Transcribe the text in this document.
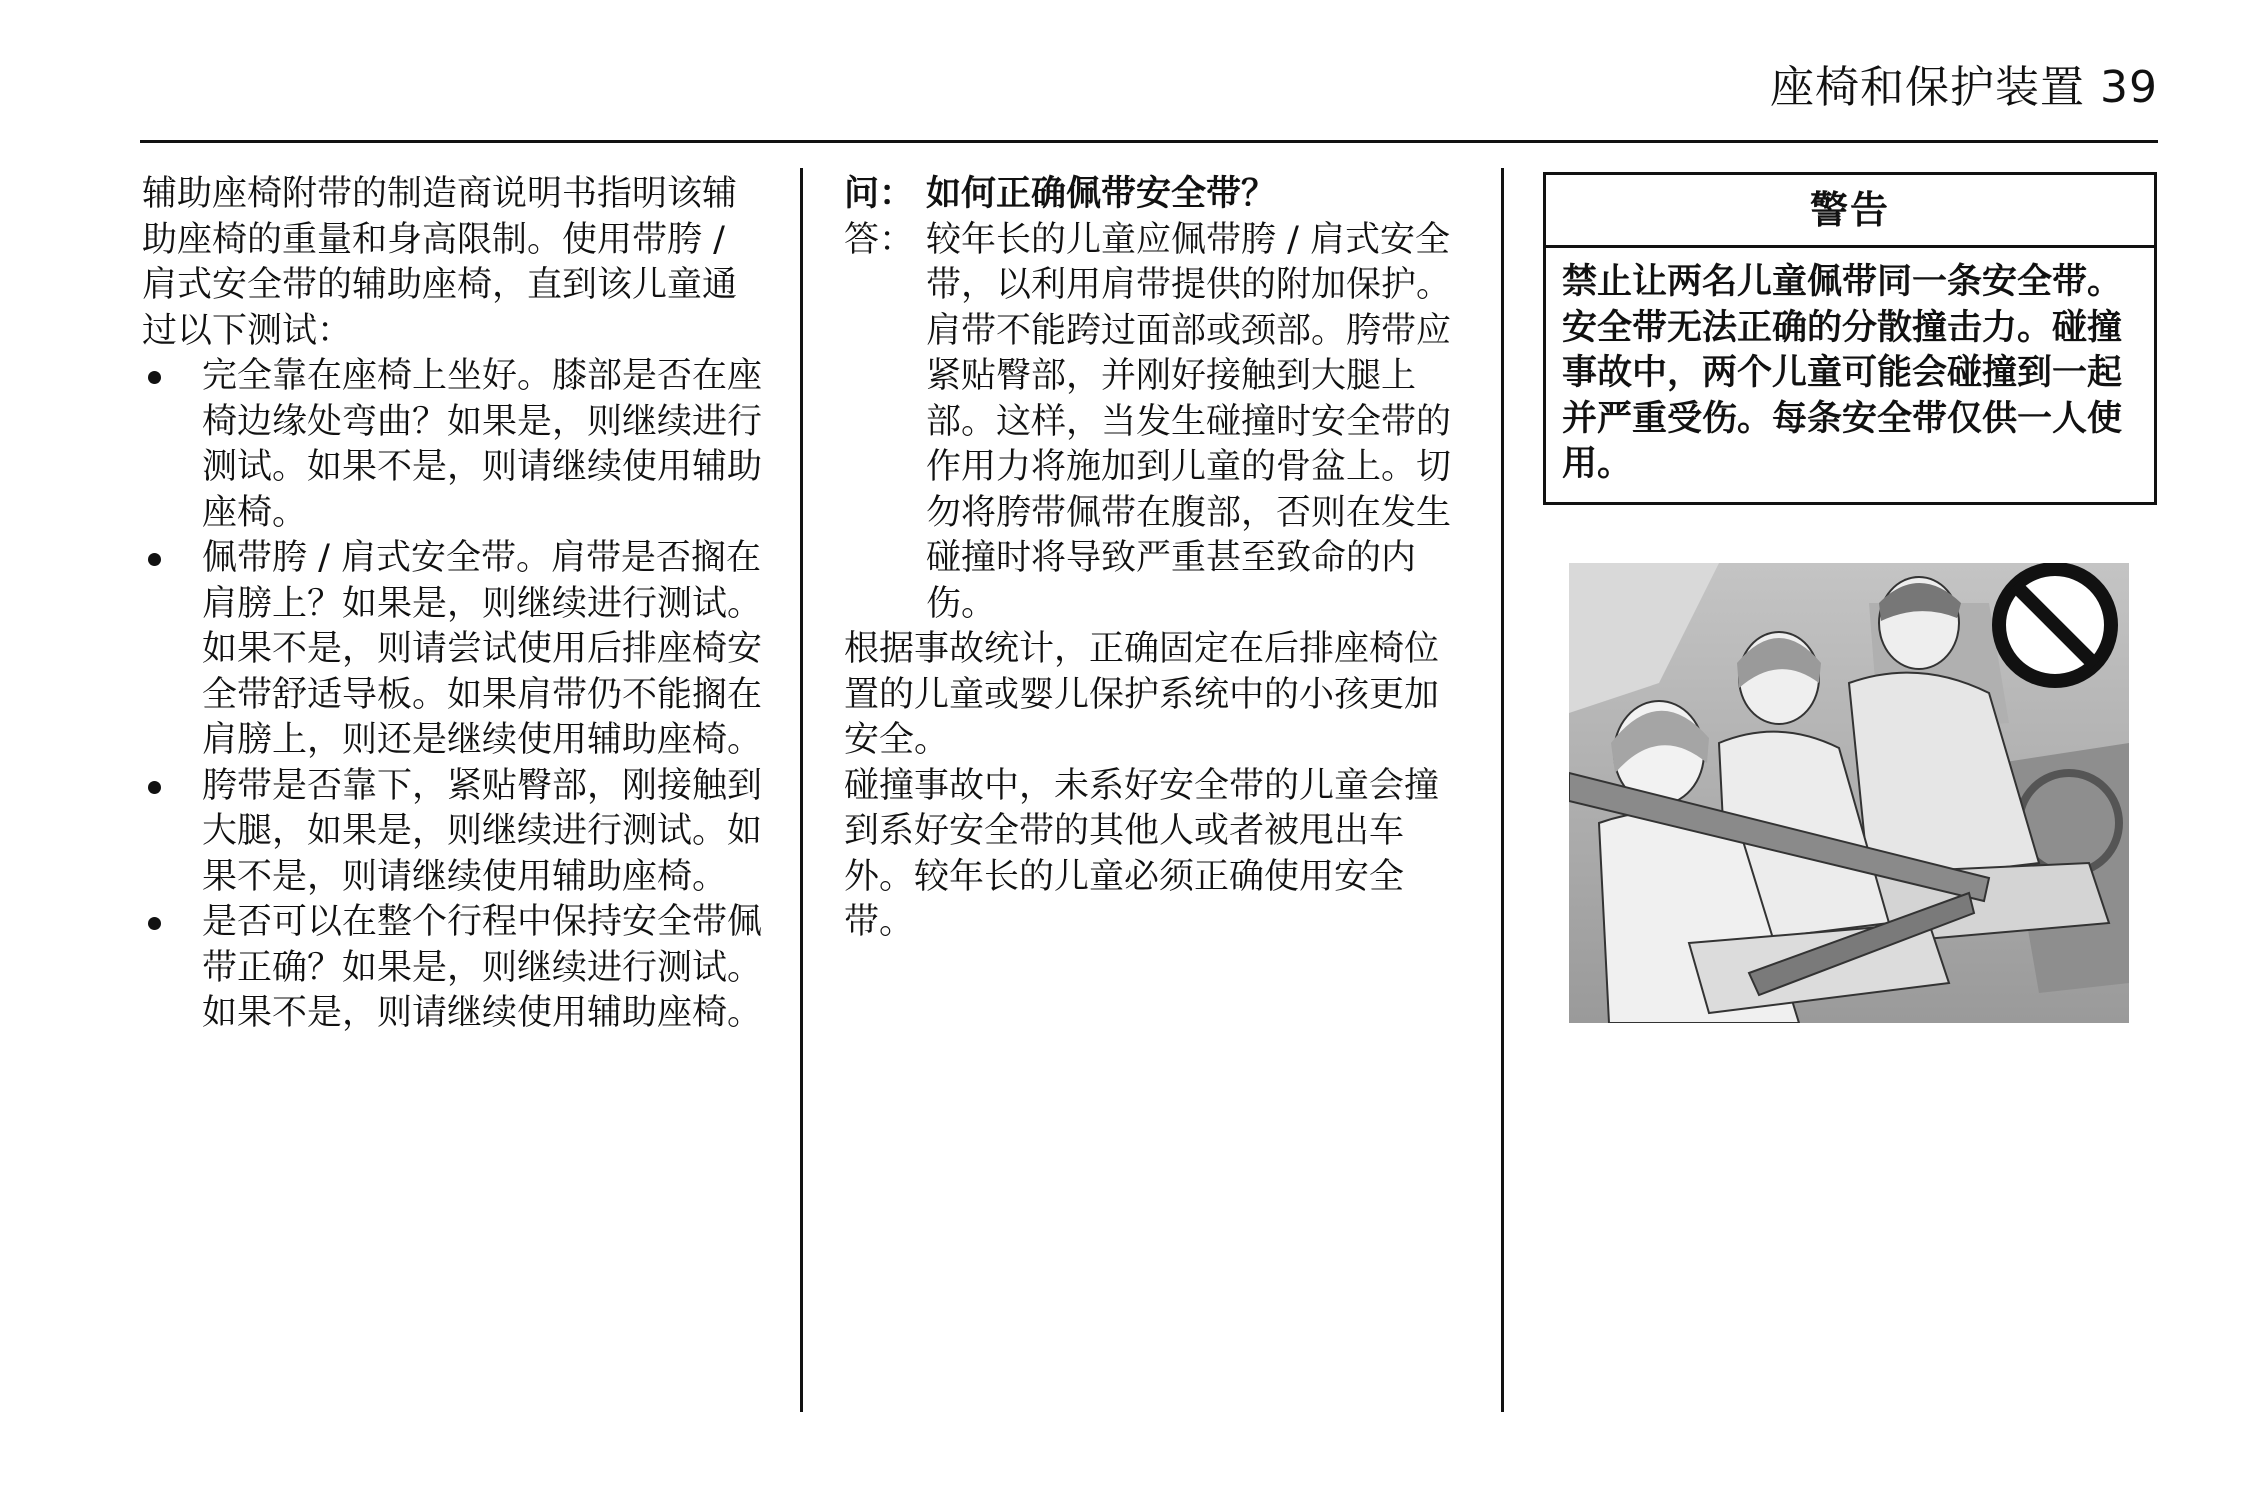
座椅和保护装置 39

辅助座椅附带的制造商说明书指明该辅助座椅的重量和身高限制。使用带胯 / 肩式安全带的辅助座椅，直到该儿童通过以下测试：

完全靠在座椅上坐好。膝部是否在座椅边缘处弯曲？如果是，则继续进行测试。如果不是，则请继续使用辅助座椅。
佩带胯 / 肩式安全带。肩带是否搁在肩膀上？如果是，则继续进行测试。如果不是，则请尝试使用后排座椅安全带舒适导板。如果肩带仍不能搁在肩膀上，则还是继续使用辅助座椅。
胯带是否靠下，紧贴臀部，刚接触到大腿，如果是，则继续进行测试。如果不是，则请继续使用辅助座椅。
是否可以在整个行程中保持安全带佩带正确？如果是，则继续进行测试。如果不是，则请继续使用辅助座椅。
问： 如何正确佩带安全带？
答： 较年长的儿童应佩带胯 / 肩式安全带，以利用肩带提供的附加保护。肩带不能跨过面部或颈部。胯带应紧贴臀部，并刚好接触到大腿上部。这样，当发生碰撞时安全带的作用力将施加到儿童的骨盆上。切勿将胯带佩带在腹部，否则在发生碰撞时将导致严重甚至致命的内伤。

根据事故统计，正确固定在后排座椅位置的儿童或婴儿保护系统中的小孩更加安全。

碰撞事故中，未系好安全带的儿童会撞到系好安全带的其他人或者被甩出车外。较年长的儿童必须正确使用安全带。

警告
禁止让两名儿童佩带同一条安全带。安全带无法正确的分散撞击力。碰撞事故中，两个儿童可能会碰撞到一起并严重受伤。每条安全带仅供一人使用。
